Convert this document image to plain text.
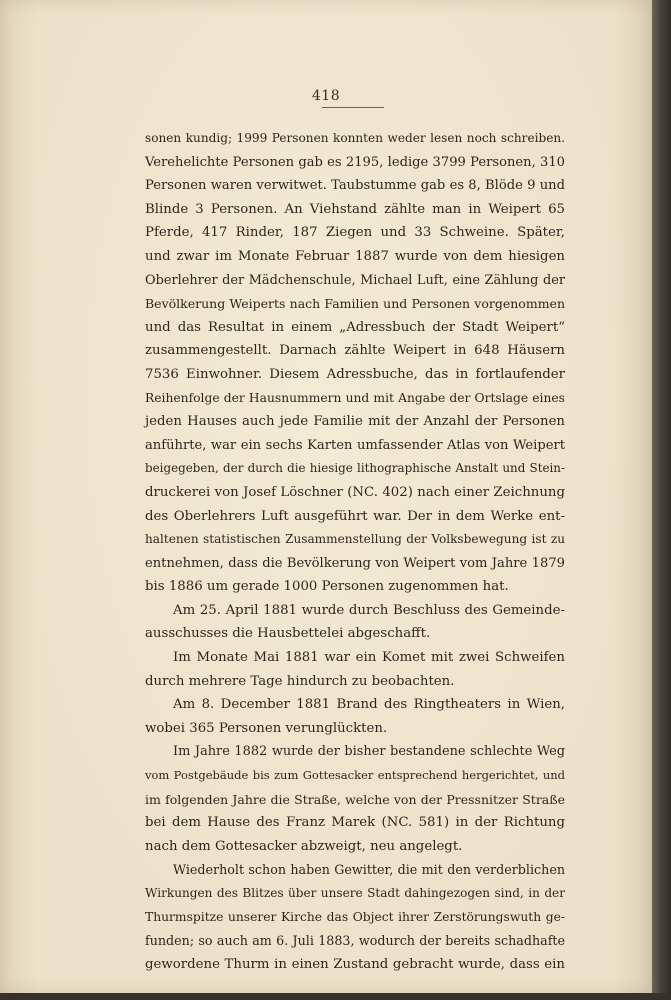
418
sonen kundig; 1999 Personen konnten weder lesen noch schreiben.
Verehelichte Personen gab es 2195, ledige 3799 Personen, 310
Personen waren verwitwet. Taubstumme gab es 8, Blöde 9 und
Blinde 3 Personen. An Viehstand zählte man in Weipert 65
Pferde, 417 Rinder, 187 Ziegen und 33 Schweine. Später,
und zwar im Monate Februar 1887 wurde von dem hiesigen
Oberlehrer der Mädchenschule, Michael Luft, eine Zählung der
Bevölkerung Weiperts nach Familien und Personen vorgenommen
und das Resultat in einem „Adressbuch der Stadt Weipert“
zusammengestellt. Darnach zählte Weipert in 648 Häusern
7536 Einwohner. Diesem Adressbuche, das in fortlaufender
Reihenfolge der Hausnummern und mit Angabe der Ortslage eines
jeden Hauses auch jede Familie mit der Anzahl der Personen
anführte, war ein sechs Karten umfassender Atlas von Weipert
beigegeben, der durch die hiesige lithographische Anstalt und Stein-
druckerei von Josef Löschner (NC. 402) nach einer Zeichnung
des Oberlehrers Luft ausgeführt war. Der in dem Werke ent-
haltenen statistischen Zusammenstellung der Volksbewegung ist zu
entnehmen, dass die Bevölkerung von Weipert vom Jahre 1879
bis 1886 um gerade 1000 Personen zugenommen hat.
Am 25. April 1881 wurde durch Beschluss des Gemeinde-
ausschusses die Hausbettelei abgeschafft.
Im Monate Mai 1881 war ein Komet mit zwei Schweifen
durch mehrere Tage hindurch zu beobachten.
Am 8. December 1881 Brand des Ringtheaters in Wien,
wobei 365 Personen verunglückten.
Im Jahre 1882 wurde der bisher bestandene schlechte Weg
vom Postgebäude bis zum Gottesacker entsprechend hergerichtet, und
im folgenden Jahre die Straße, welche von der Pressnitzer Straße
bei dem Hause des Franz Marek (NC. 581) in der Richtung
nach dem Gottesacker abzweigt, neu angelegt.
Wiederholt schon haben Gewitter, die mit den verderblichen
Wirkungen des Blitzes über unsere Stadt dahingezogen sind, in der
Thurmspitze unserer Kirche das Object ihrer Zerstörungswuth ge-
funden; so auch am 6. Juli 1883, wodurch der bereits schadhafte
gewordene Thurm in einen Zustand gebracht wurde, dass ein
